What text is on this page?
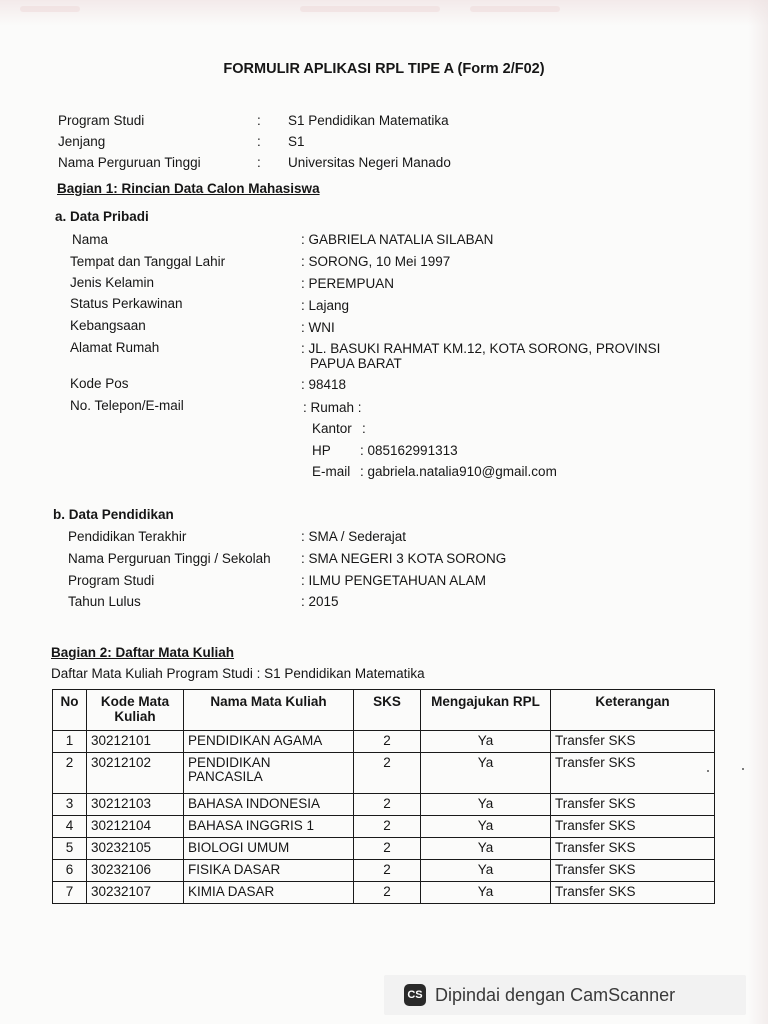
FORMULIR APLIKASI RPL TIPE A (Form 2/F02)
Program Studi	: S1 Pendidikan Matematika
Jenjang	: S1
Nama Perguruan Tinggi	: Universitas Negeri Manado
Bagian 1: Rincian Data Calon Mahasiswa
a. Data Pribadi
Nama	: GABRIELA NATALIA SILABAN
Tempat dan Tanggal Lahir	: SORONG, 10 Mei 1997
Jenis Kelamin	: PEREMPUAN
Status Perkawinan	: Lajang
Kebangsaan	: WNI
Alamat Rumah	: JL. BASUKI RAHMAT KM.12, KOTA SORONG, PROVINSI
PAPUA BARAT
Kode Pos	: 98418
No. Telepon/E-mail	: Rumah :
Kantor :
HP : 085162991313
E-mail : gabriela.natalia910@gmail.com
b. Data Pendidikan
Pendidikan Terakhir	: SMA / Sederajat
Nama Perguruan Tinggi / Sekolah : SMA NEGERI 3 KOTA SORONG
Program Studi	: ILMU PENGETAHUAN ALAM
Tahun Lulus	: 2015
Bagian 2: Daftar Mata Kuliah
Daftar Mata Kuliah Program Studi : S1 Pendidikan Matematika
No	Kode Mata Kuliah	Nama Mata Kuliah	SKS	Mengajukan RPL	Keterangan
1	30212101	PENDIDIKAN AGAMA	2	Ya	Transfer SKS
2	30212102	PENDIDIKAN PANCASILA	2	Ya	Transfer SKS
3	30212103	BAHASA INDONESIA	2	Ya	Transfer SKS
4	30212104	BAHASA INGGRIS 1	2	Ya	Transfer SKS
5	30232105	BIOLOGI UMUM	2	Ya	Transfer SKS
6	30232106	FISIKA DASAR	2	Ya	Transfer SKS
7	30232107	KIMIA DASAR	2	Ya	Transfer SKS
CS Dipindai dengan CamScanner
